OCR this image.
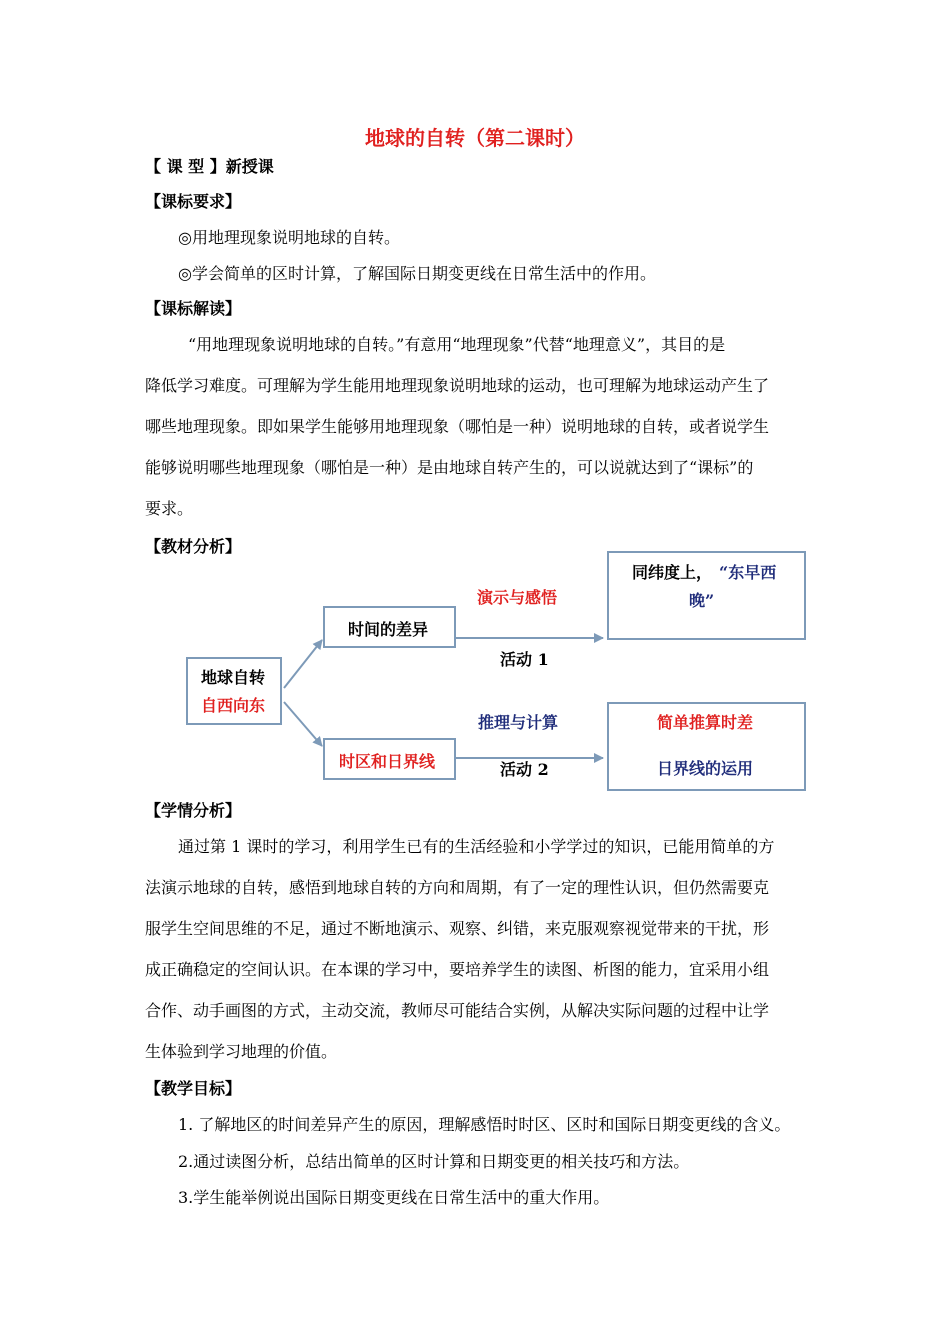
地球的自转（第二课时）
【 课 型 】新授课
【课标要求】
◎用地理现象说明地球的自转。
◎学会简单的区时计算，了解国际日期变更线在日常生活中的作用。
【课标解读】
“用地理现象说明地球的自转。”有意用“地理现象”代替“地理意义”，其目的是
降低学习难度。可理解为学生能用地理现象说明地球的运动，也可理解为地球运动产生了
哪些地理现象。即如果学生能够用地理现象（哪怕是一种）说明地球的自转，或者说学生
能够说明哪些地理现象（哪怕是一种）是由地球自转产生的，可以说就达到了“课标”的
要求。
【教材分析】
地球自转
自西向东
时间的差异
时区和日界线
演示与感悟
活动 1
推理与计算
活动 2
同纬度上， “东早西
晚”
简单推算时差
日界线的运用
【学情分析】
通过第 1 课时的学习，利用学生已有的生活经验和小学学过的知识，已能用简单的方
法演示地球的自转，感悟到地球自转的方向和周期，有了一定的理性认识，但仍然需要克
服学生空间思维的不足，通过不断地演示、观察、纠错，来克服观察视觉带来的干扰，形
成正确稳定的空间认识。在本课的学习中，要培养学生的读图、析图的能力，宜采用小组
合作、动手画图的方式，主动交流，教师尽可能结合实例，从解决实际问题的过程中让学
生体验到学习地理的价值。
【教学目标】
1. 了解地区的时间差异产生的原因，理解感悟时时区、区时和国际日期变更线的含义。
2.通过读图分析，总结出简单的区时计算和日期变更的相关技巧和方法。
3.学生能举例说出国际日期变更线在日常生活中的重大作用。
